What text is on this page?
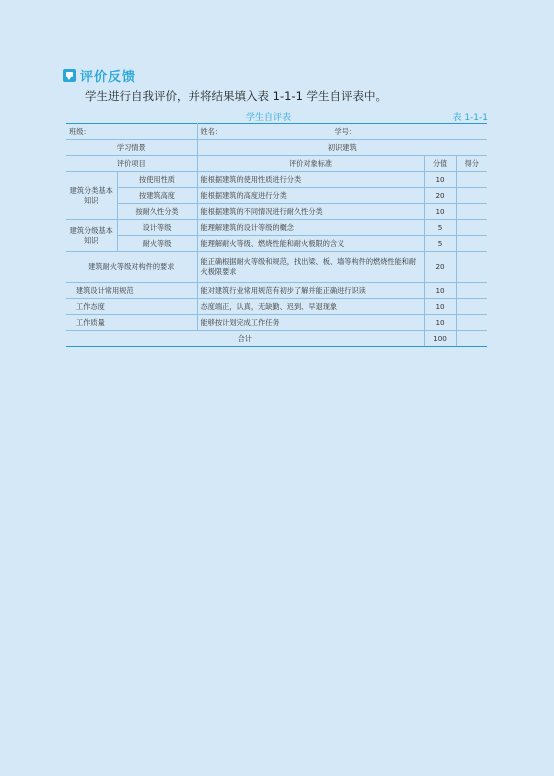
评价反馈
学生进行自我评价，并将结果填入表 1-1-1 学生自评表中。
学生自评表	表 1-1-1
班级：		姓名： 学号：		

学习情景		初识建筑		
评价项目		评价对象标准	分值	得分
建筑分类基本知识	按使用性质	能根据建筑的使用性质进行分类	10	
	按建筑高度	能根据建筑的高度进行分类	20	
	按耐久性分类	能根据建筑的不同情况进行耐久性分类	10	
建筑分级基本知识	设计等级	能理解建筑的设计等级的概念	5	
	耐火等级	能理解耐火等级、燃烧性能和耐火极限的含义	5	
建筑耐火等级对构件的要求		能正确根据耐火等级和规范，找出梁、板、墙等构件的燃烧性能和耐火极限要求	20	
建筑设计常用规范		能对建筑行业常用规范有初步了解并能正确进行识读	10	
工作态度		态度端正，认真，无缺勤、迟到、早退现象	10	
工作质量		能够按计划完成工作任务	10	
合计			100	
